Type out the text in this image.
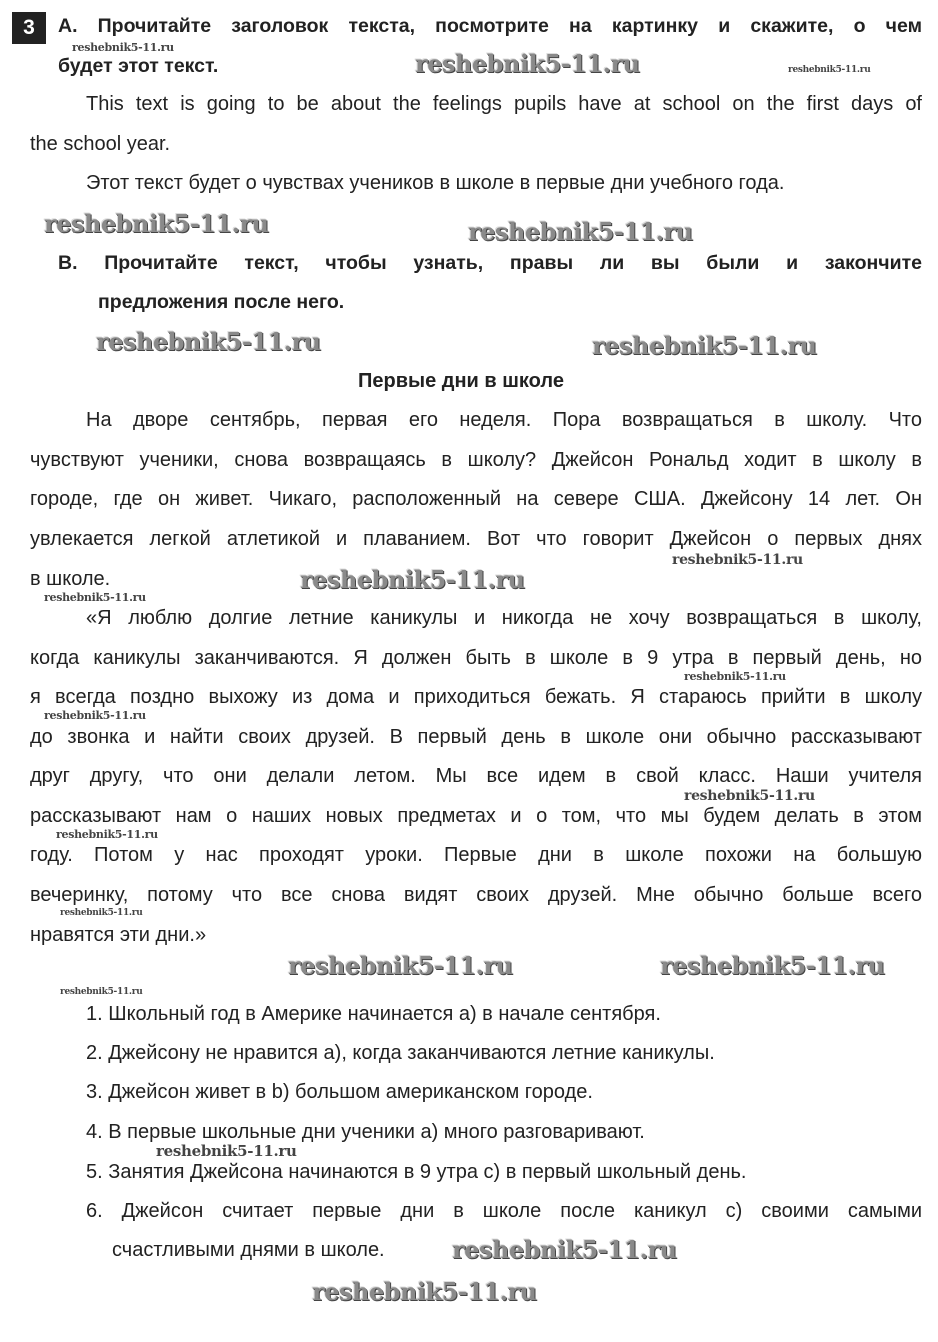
3	А. Прочитайте заголовок текста, посмотрите на картинку и скажите, о чем
будет этот текст.
This text is going to be about the feelings pupils have at school on the first days of
the school year.
Этот текст будет о чувствах учеников в школе в первые дни учебного года.
В. Прочитайте текст, чтобы узнать, правы ли вы были и закончите
предложения после него.
Первые дни в школе
На дворе сентябрь, первая его неделя. Пора возвращаться в школу. Что
чувствуют ученики, снова возвращаясь в школу? Джейсон Рональд ходит в школу в
городе, где он живет. Чикаго, расположенный на севере США. Джейсону 14 лет. Он
увлекается легкой атлетикой и плаванием. Вот что говорит Джейсон о первых днях
в школе.
«Я люблю долгие летние каникулы и никогда не хочу возвращаться в школу,
когда каникулы заканчиваются. Я должен быть в школе в 9 утра в первый день, но
я всегда поздно выхожу из дома и приходиться бежать. Я стараюсь прийти в школу
до звонка и найти своих друзей. В первый день в школе они обычно рассказывают
друг другу, что они делали летом. Мы все идем в свой класс. Наши учителя
рассказывают нам о наших новых предметах и о том, что мы будем делать в этом
году. Потом у нас проходят уроки. Первые дни в школе похожи на большую
вечеринку, потому что все снова видят своих друзей. Мне обычно больше всего
нравятся эти дни.»
1. Школьный год в Америке начинается a) в начале сентября.
2. Джейсону не нравится a), когда заканчиваются летние каникулы.
3. Джейсон живет в b) большом американском городе.
4. В первые школьные дни ученики a) много разговаривают.
5. Занятия Джейсона начинаются в 9 утра c) в первый школьный день.
6. Джейсон считает первые дни в школе после каникул c) своими самыми
счастливыми днями в школе.
reshebnik5-11.ru
reshebnik5-11.ru	reshebnik5-11.ru
reshebnik5-11.ru	reshebnik5-11.ru
reshebnik5-11.ru
reshebnik5-11.ru	reshebnik5-11.ru
reshebnik5-11.ru
reshebnik5-11.ru
reshebnik5-11.ru
reshebnik5-11.ru
reshebnik5-11.ru
reshebnik5-11.ru
reshebnik5-11.ru
reshebnik5-11.ru
reshebnik5-11.ru
reshebnik5-11.ru
reshebnik5-11.ru
reshebnik5-11.ru
reshebnik5-11.ru
